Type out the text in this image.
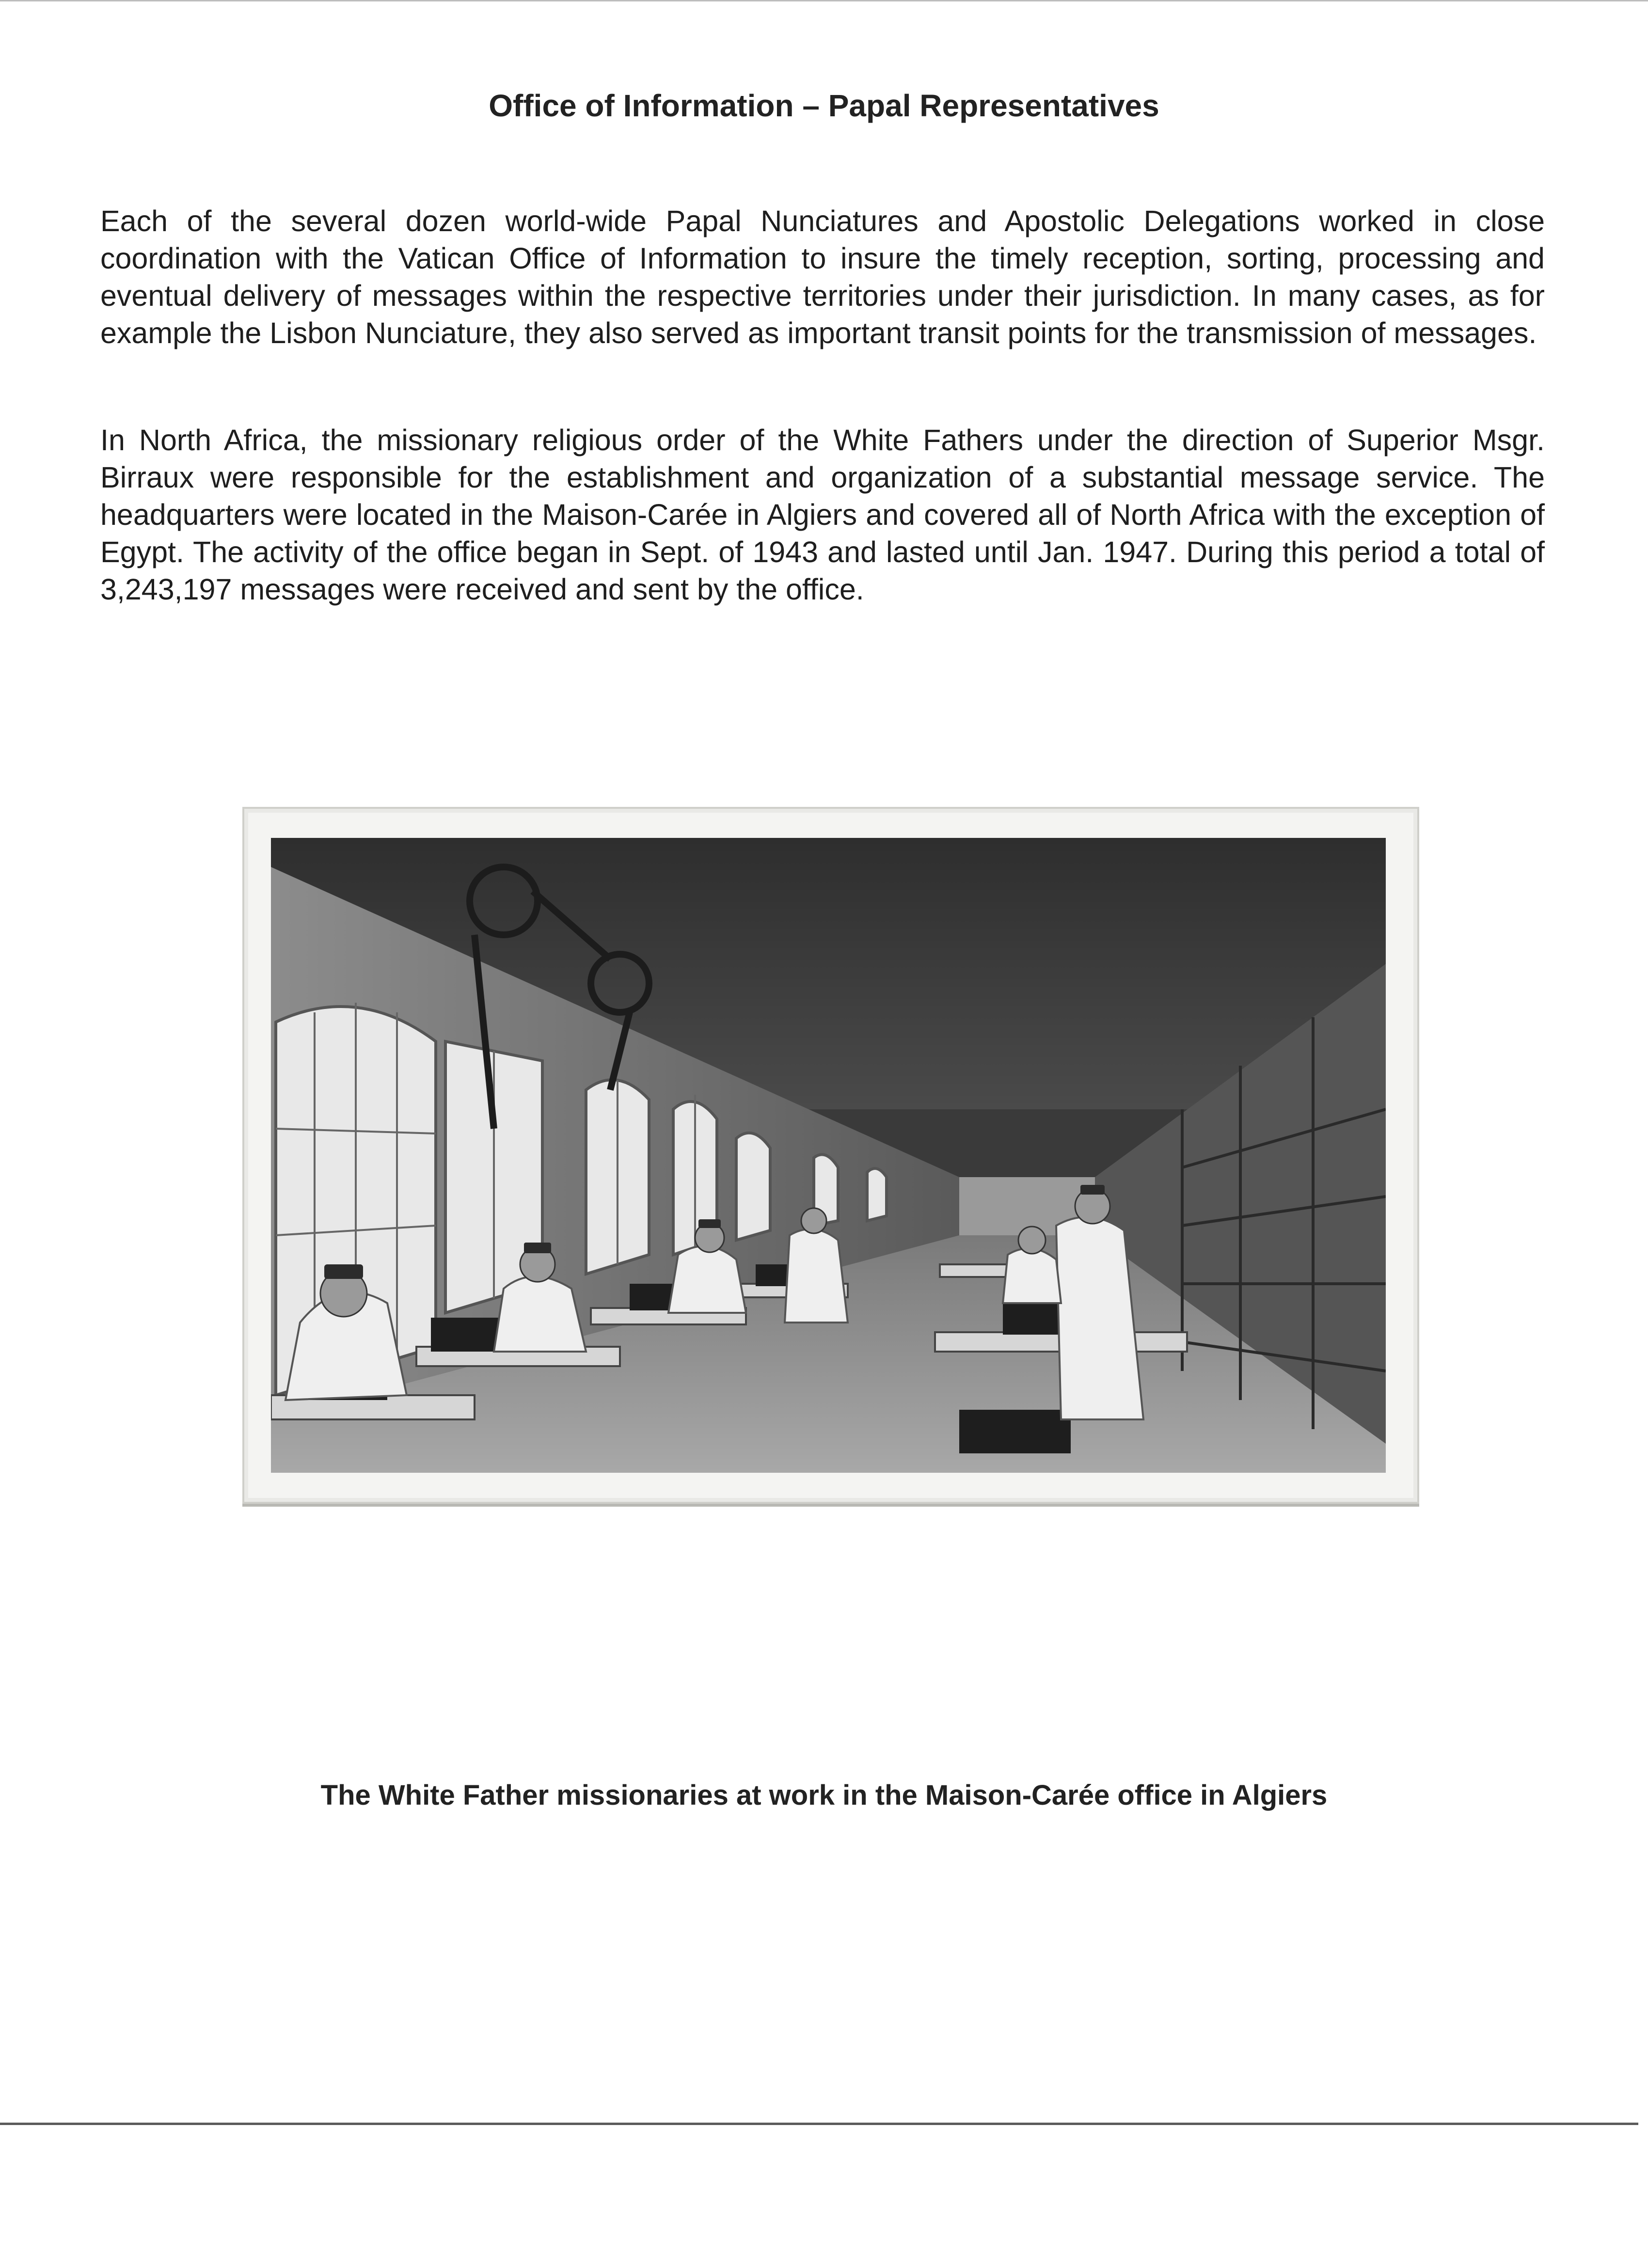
Office of Information – Papal Representatives
Each of the several dozen world-wide Papal Nunciatures and Apostolic Delegations worked in close coordination with the Vatican Office of Information to insure the timely reception, sorting, processing and eventual delivery of messages within the respective territories under their jurisdiction. In many cases, as for example the Lisbon Nunciature, they also served as important transit points for the transmission of messages.
In North Africa, the missionary religious order of the White Fathers under the direction of Superior Msgr. Birraux were responsible for the establishment and organization of a substantial message service. The headquarters were located in the Maison-Carée in Algiers and covered all of North Africa with the exception of Egypt. The activity of the office began in Sept. of 1943 and lasted until Jan. 1947. During this period a total of 3,243,197 messages were received and sent by the office.
The White Father missionaries at work in the Maison-Carée office in Algiers
